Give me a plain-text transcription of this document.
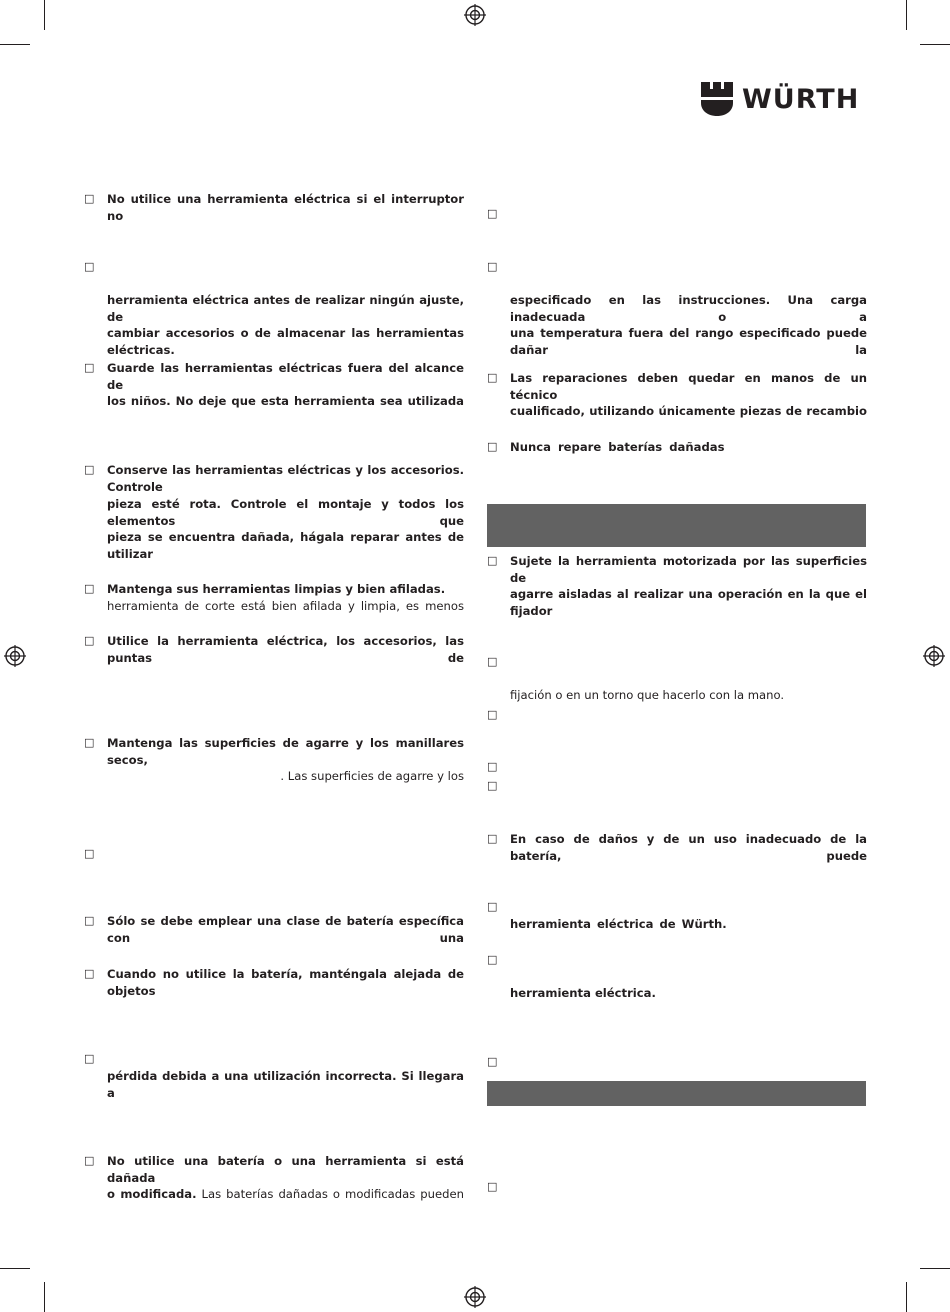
WÜRTH
□ No utilice una herramienta eléctrica si el interruptor no
□
herramienta eléctrica antes de realizar ningún ajuste, de
cambiar accesorios o de almacenar las herramientas eléctricas.
□ Guarde las herramientas eléctricas fuera del alcance de
los niños. No deje que esta herramienta sea utilizada
□ Conserve las herramientas eléctricas y los accesorios. Controle
pieza esté rota. Controle el montaje y todos los elementos que
pieza se encuentra dañada, hágala reparar antes de utilizar
□ Mantenga sus herramientas limpias y bien afiladas.
herramienta de corte está bien afilada y limpia, es menos
□ Utilice la herramienta eléctrica, los accesorios, las puntas de
□ Mantenga las superficies de agarre y los manillares secos,
. Las superficies de agarre y los
□
□ Sólo se debe emplear una clase de batería específica con una
□ Cuando no utilice la batería, manténgala alejada de objetos
□
pérdida debida a una utilización incorrecta. Si llegara a
□ No utilice una batería o una herramienta si está dañada
o modificada. Las baterías dañadas o modificadas pueden
□
□
especificado en las instrucciones. Una carga inadecuada o a
una temperatura fuera del rango especificado puede dañar la
□ Las reparaciones deben quedar en manos de un técnico
cualificado, utilizando únicamente piezas de recambio
□ Nunca repare baterías dañadas
□ Sujete la herramienta motorizada por las superficies de
agarre aisladas al realizar una operación en la que el fijador
□
fijación o en un torno que hacerlo con la mano.
□
□
□
□ En caso de daños y de un uso inadecuado de la batería, puede
□
herramienta eléctrica de Würth.
□
herramienta eléctrica.
□
□
